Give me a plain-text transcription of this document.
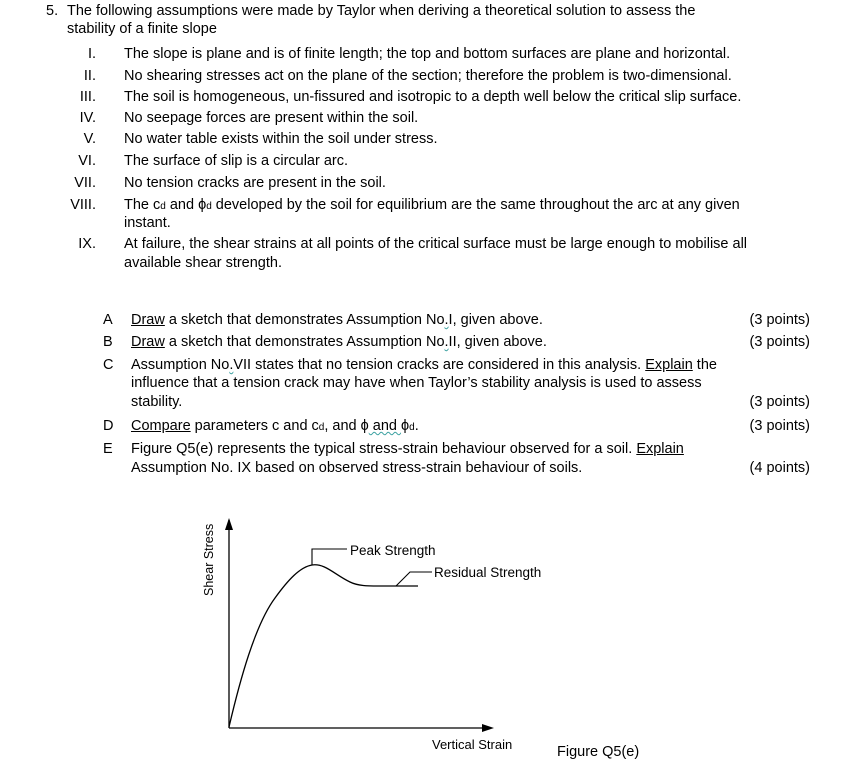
5. The following assumptions were made by Taylor when deriving a theoretical solution to assess the
stability of a finite slope
I. The slope is plane and is of finite length; the top and bottom surfaces are plane and horizontal.
II. No shearing stresses act on the plane of the section; therefore the problem is two-dimensional.
III. The soil is homogeneous, un-fissured and isotropic to a depth well below the critical slip surface.
IV. No seepage forces are present within the soil.
V. No water table exists within the soil under stress.
VI. The surface of slip is a circular arc.
VII. No tension cracks are present in the soil.
VIII. The cd and ϕd developed by the soil for equilibrium are the same throughout the arc at any given
instant.
IX. At failure, the shear strains at all points of the critical surface must be large enough to mobilise all
available shear strength.
A Draw a sketch that demonstrates Assumption No.I, given above.	(3 points)
B Draw a sketch that demonstrates Assumption No.II, given above.	(3 points)
C Assumption No.VII states that no tension cracks are considered in this analysis. Explain the
influence that a tension crack may have when Taylor’s stability analysis is used to assess
stability.	(3 points)
D Compare parameters c and cd, and ϕ and ϕd.	(3 points)
E Figure Q5(e) represents the typical stress-strain behaviour observed for a soil. Explain
Assumption No. IX based on observed stress-strain behaviour of soils.	(4 points)
Peak Strength
Residual Strength
Shear Stress
Vertical Strain	Figure Q5(e)
